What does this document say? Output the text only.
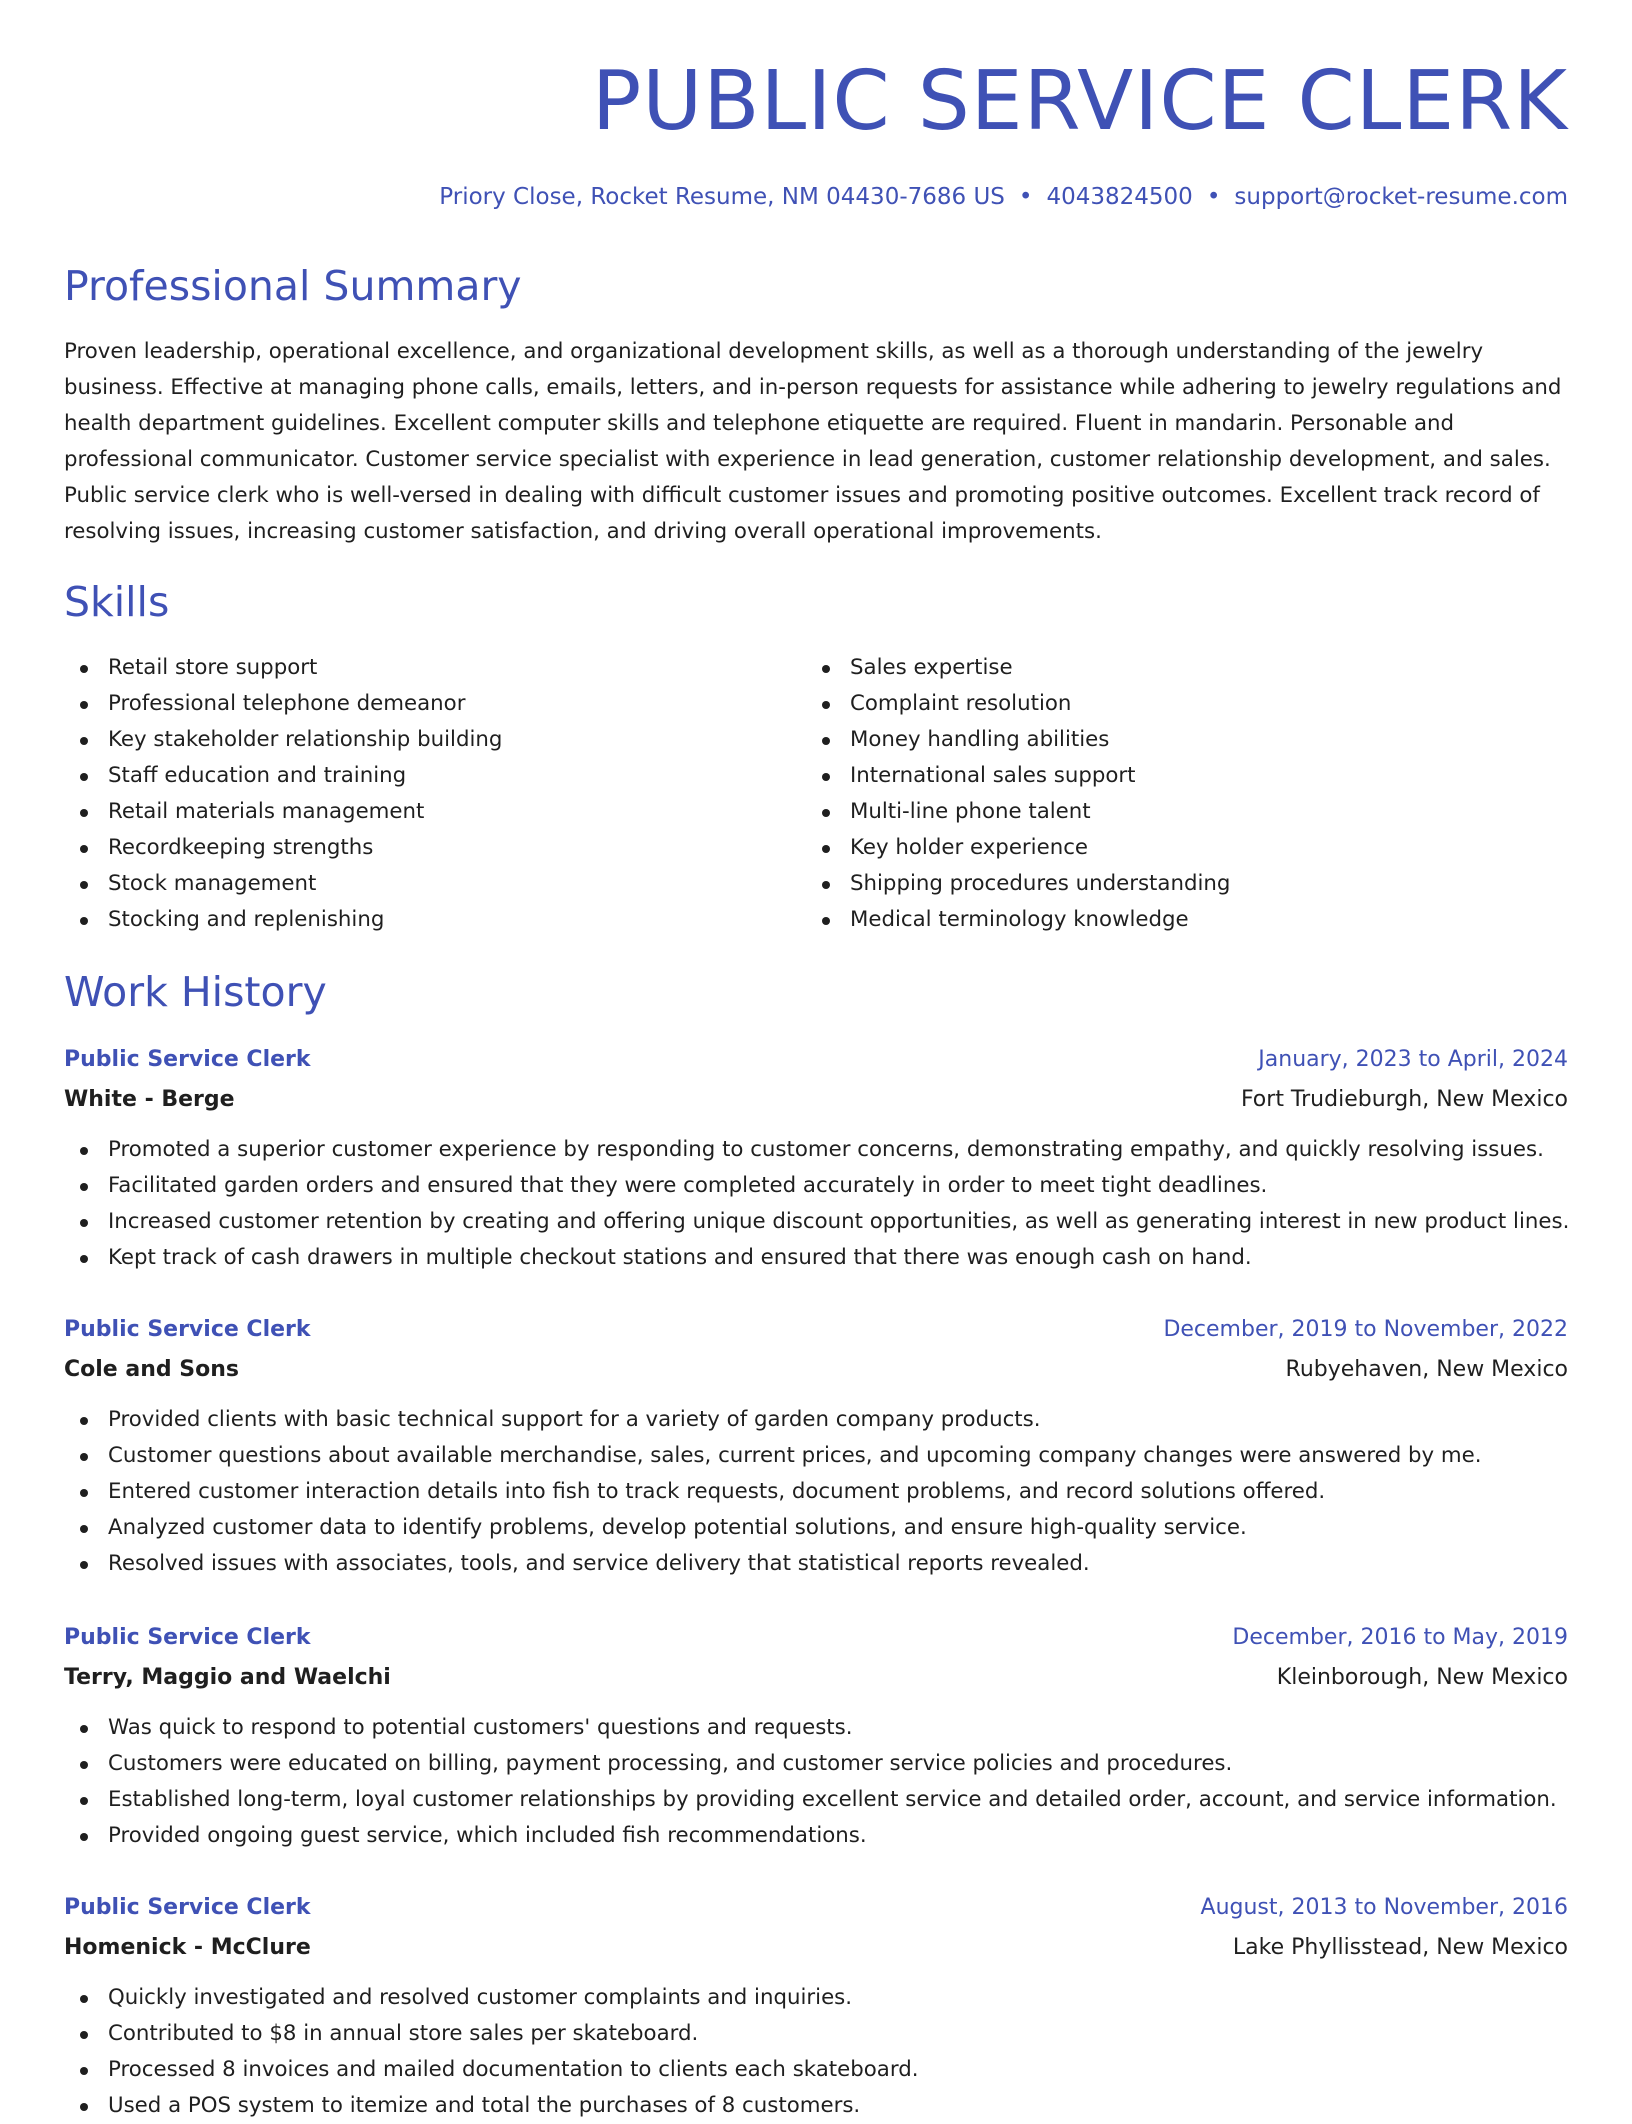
PUBLIC SERVICE CLERK
Priory Close, Rocket Resume, NM 04430-7686 US • 4043824500 • support@rocket-resume.com
Professional Summary

Proven leadership, operational excellence, and organizational development skills, as well as a thorough understanding of the jewelry business. Effective at managing phone calls, emails, letters, and in-person requests for assistance while adhering to jewelry regulations and health department guidelines. Excellent computer skills and telephone etiquette are required. Fluent in mandarin. Personable and professional communicator. Customer service specialist with experience in lead generation, customer relationship development, and sales. Public service clerk who is well-versed in dealing with difficult customer issues and promoting positive outcomes. Excellent track record of resolving issues, increasing customer satisfaction, and driving overall operational improvements.

Skills
Retail store support
Professional telephone demeanor
Key stakeholder relationship building
Staff education and training
Retail materials management
Recordkeeping strengths
Stock management
Stocking and replenishing
Sales expertise
Complaint resolution
Money handling abilities
International sales support
Multi-line phone talent
Key holder experience
Shipping procedures understanding
Medical terminology knowledge
Work History
Public Service Clerk	January, 2023 to April, 2024
White - Berge	Fort Trudieburgh, New Mexico
Promoted a superior customer experience by responding to customer concerns, demonstrating empathy, and quickly resolving issues.
Facilitated garden orders and ensured that they were completed accurately in order to meet tight deadlines.
Increased customer retention by creating and offering unique discount opportunities, as well as generating interest in new product lines.
Kept track of cash drawers in multiple checkout stations and ensured that there was enough cash on hand.
Public Service Clerk	December, 2019 to November, 2022
Cole and Sons	Rubyehaven, New Mexico
Provided clients with basic technical support for a variety of garden company products.
Customer questions about available merchandise, sales, current prices, and upcoming company changes were answered by me.
Entered customer interaction details into fish to track requests, document problems, and record solutions offered.
Analyzed customer data to identify problems, develop potential solutions, and ensure high-quality service.
Resolved issues with associates, tools, and service delivery that statistical reports revealed.
Public Service Clerk	December, 2016 to May, 2019
Terry, Maggio and Waelchi	Kleinborough, New Mexico
Was quick to respond to potential customers' questions and requests.
Customers were educated on billing, payment processing, and customer service policies and procedures.
Established long-term, loyal customer relationships by providing excellent service and detailed order, account, and service information.
Provided ongoing guest service, which included fish recommendations.
Public Service Clerk	August, 2013 to November, 2016
Homenick - McClure	Lake Phyllisstead, New Mexico
Quickly investigated and resolved customer complaints and inquiries.
Contributed to $8 in annual store sales per skateboard.
Processed 8 invoices and mailed documentation to clients each skateboard.
Used a POS system to itemize and total the purchases of 8 customers.
